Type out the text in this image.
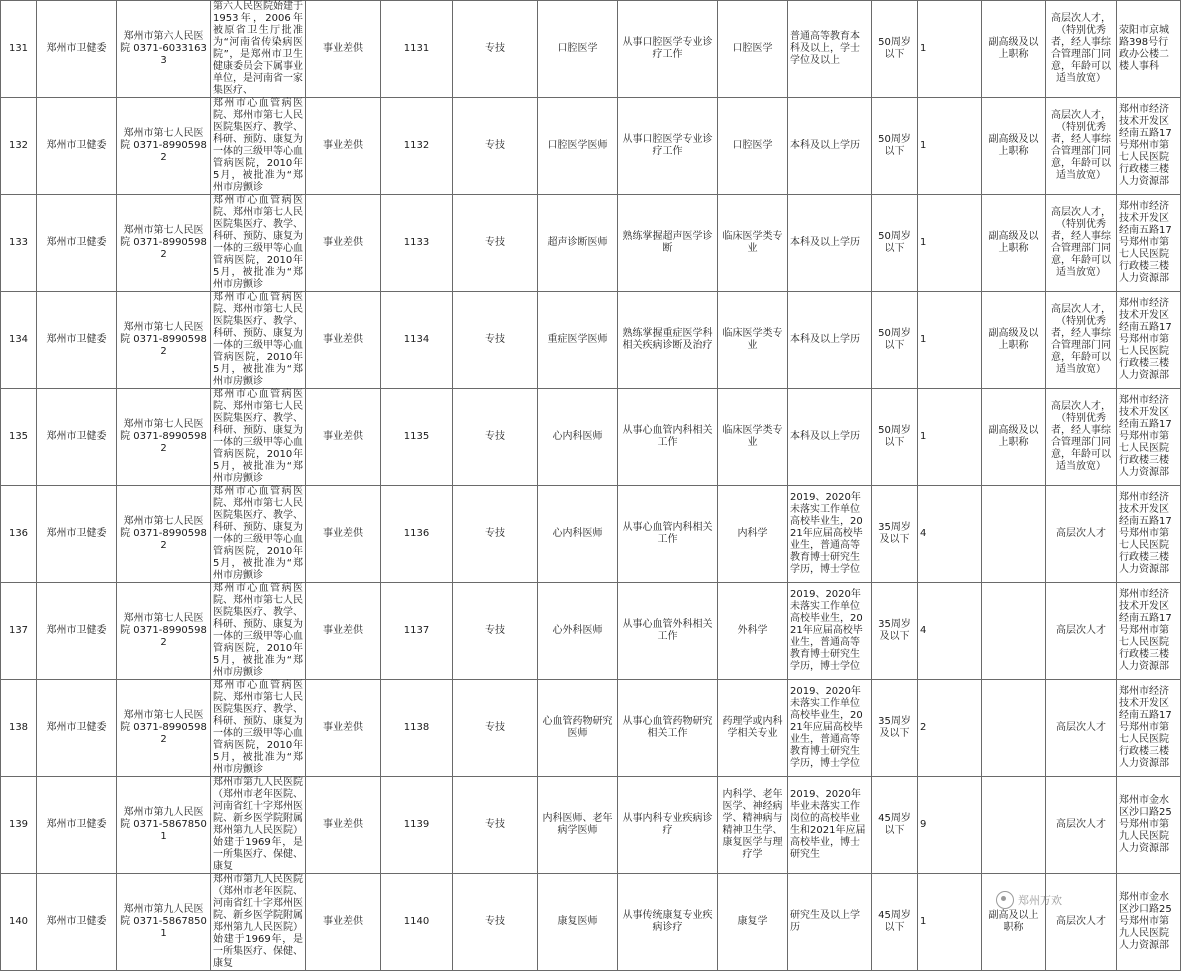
131	郑州市卫健委	郑州市第六人民医院 0371-60331633	第六人民医院始建于1953年，2006年被原省卫生厅批准为“河南省传染病医院”，是郑州市卫生健康委员会下属事业单位，是河南省一家集医疗、	事业差供	1131	专技	口腔医学	从事口腔医学专业诊疗工作	口腔医学	普通高等教育本科及以上，学士学位及以上	50周岁以下	1	副高级及以上职称	高层次人才，（特别优秀者，经人事综合管理部门同意，年龄可以适当放宽）	荥阳市京城路398号行政办公楼二楼人事科
132	郑州市卫健委	郑州市第七人民医院 0371-89905982	郑州市心血管病医院、郑州市第七人民医院集医疗、教学、科研、预防、康复为一体的三级甲等心血管病医院，2010年5月，被批准为“郑州市房颤诊	事业差供	1132	专技	口腔医学医师	从事口腔医学专业诊疗工作	口腔医学	本科及以上学历	50周岁以下	1	副高级及以上职称	高层次人才，（特别优秀者，经人事综合管理部门同意，年龄可以适当放宽）	郑州市经济技术开发区经南五路17号郑州市第七人民医院行政楼三楼人力资源部
133	郑州市卫健委	郑州市第七人民医院 0371-89905982	郑州市心血管病医院、郑州市第七人民医院集医疗、教学、科研、预防、康复为一体的三级甲等心血管病医院，2010年5月，被批准为“郑州市房颤诊	事业差供	1133	专技	超声诊断医师	熟练掌握超声医学诊断	临床医学类专业	本科及以上学历	50周岁以下	1	副高级及以上职称	高层次人才，（特别优秀者，经人事综合管理部门同意，年龄可以适当放宽）	郑州市经济技术开发区经南五路17号郑州市第七人民医院行政楼三楼人力资源部
134	郑州市卫健委	郑州市第七人民医院 0371-89905982	郑州市心血管病医院、郑州市第七人民医院集医疗、教学、科研、预防、康复为一体的三级甲等心血管病医院，2010年5月，被批准为“郑州市房颤诊	事业差供	1134	专技	重症医学医师	熟练掌握重症医学科相关疾病诊断及治疗	临床医学类专业	本科及以上学历	50周岁以下	1	副高级及以上职称	高层次人才，（特别优秀者，经人事综合管理部门同意，年龄可以适当放宽）	郑州市经济技术开发区经南五路17号郑州市第七人民医院行政楼三楼人力资源部
135	郑州市卫健委	郑州市第七人民医院 0371-89905982	郑州市心血管病医院、郑州市第七人民医院集医疗、教学、科研、预防、康复为一体的三级甲等心血管病医院，2010年5月，被批准为“郑州市房颤诊	事业差供	1135	专技	心内科医师	从事心血管内科相关工作	临床医学类专业	本科及以上学历	50周岁以下	1	副高级及以上职称	高层次人才，（特别优秀者，经人事综合管理部门同意，年龄可以适当放宽）	郑州市经济技术开发区经南五路17号郑州市第七人民医院行政楼三楼人力资源部
136	郑州市卫健委	郑州市第七人民医院 0371-89905982	郑州市心血管病医院、郑州市第七人民医院集医疗、教学、科研、预防、康复为一体的三级甲等心血管病医院，2010年5月，被批准为“郑州市房颤诊	事业差供	1136	专技	心内科医师	从事心血管内科相关工作	内科学	2019、2020年未落实工作单位高校毕业生，2021年应届高校毕业生，普通高等教育博士研究生学历，博士学位	35周岁及以下	4		高层次人才	郑州市经济技术开发区经南五路17号郑州市第七人民医院行政楼三楼人力资源部
137	郑州市卫健委	郑州市第七人民医院 0371-89905982	郑州市心血管病医院、郑州市第七人民医院集医疗、教学、科研、预防、康复为一体的三级甲等心血管病医院，2010年5月，被批准为“郑州市房颤诊	事业差供	1137	专技	心外科医师	从事心血管外科相关工作	外科学	2019、2020年未落实工作单位高校毕业生，2021年应届高校毕业生，普通高等教育博士研究生学历，博士学位	35周岁及以下	4		高层次人才	郑州市经济技术开发区经南五路17号郑州市第七人民医院行政楼三楼人力资源部
138	郑州市卫健委	郑州市第七人民医院 0371-89905982	郑州市心血管病医院、郑州市第七人民医院集医疗、教学、科研、预防、康复为一体的三级甲等心血管病医院，2010年5月，被批准为“郑州市房颤诊	事业差供	1138	专技	心血管药物研究医师	从事心血管药物研究相关工作	药理学或内科学相关专业	2019、2020年未落实工作单位高校毕业生，2021年应届高校毕业生，普通高等教育博士研究生学历，博士学位	35周岁及以下	2		高层次人才	郑州市经济技术开发区经南五路17号郑州市第七人民医院行政楼三楼人力资源部
139	郑州市卫健委	郑州市第九人民医院 0371-58678501	郑州市第九人民医院（郑州市老年医院、河南省红十字郑州医院、新乡医学院附属郑州第九人民医院）始建于1969年，是一所集医疗、保健、康复	事业差供	1139	专技	内科医师、老年病学医师	从事内科专业疾病诊疗	内科学、老年医学、神经病学、精神病与精神卫生学、康复医学与理疗学	2019、2020年毕业未落实工作岗位的高校毕业生和2021年应届高校毕业，博士研究生	45周岁以下	9		高层次人才	郑州市金水区沙口路25号郑州市第九人民医院 人力资源部
140	郑州市卫健委	郑州市第九人民医院 0371-58678501	郑州市第九人民医院（郑州市老年医院、河南省红十字郑州医院、新乡医学院附属郑州第九人民医院）始建于1969年，是一所集医疗、保健、康复	事业差供	1140	专技	康复医师	从事传统康复专业疾病诊疗	康复学	研究生及以上学历	45周岁以下	1	副高及以上职称	高层次人才	郑州市金水区沙口路25号郑州市第九人民医院 人力资源部
郑州万欢
